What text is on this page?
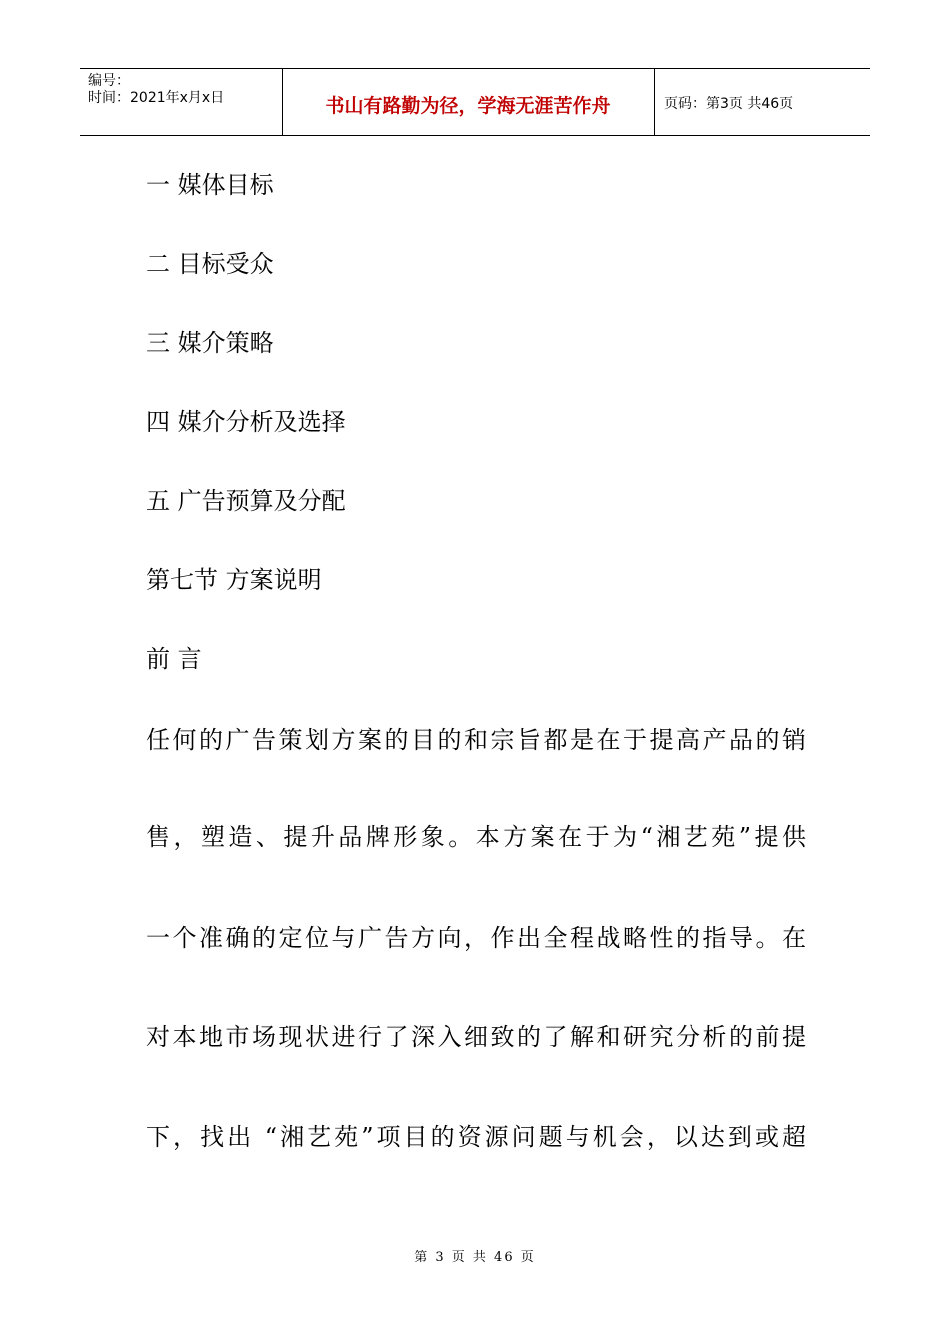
编号：
时间：2021年x月x日	书山有路勤为径，学海无涯苦作舟	页码：第3页 共46页
一 媒体目标
二 目标受众
三 媒介策略
四 媒介分析及选择
五 广告预算及分配
第七节 方案说明
前 言
任何的广告策划方案的目的和宗旨都是在于提高产品的销
售，塑造、提升品牌形象。本方案在于为“湘艺苑”提供
一个准确的定位与广告方向，作出全程战略性的指导。在
对本地市场现状进行了深入细致的了解和研究分析的前提
下，找出 “湘艺苑”项目的资源问题与机会，以达到或超
第 3 页 共 46 页
